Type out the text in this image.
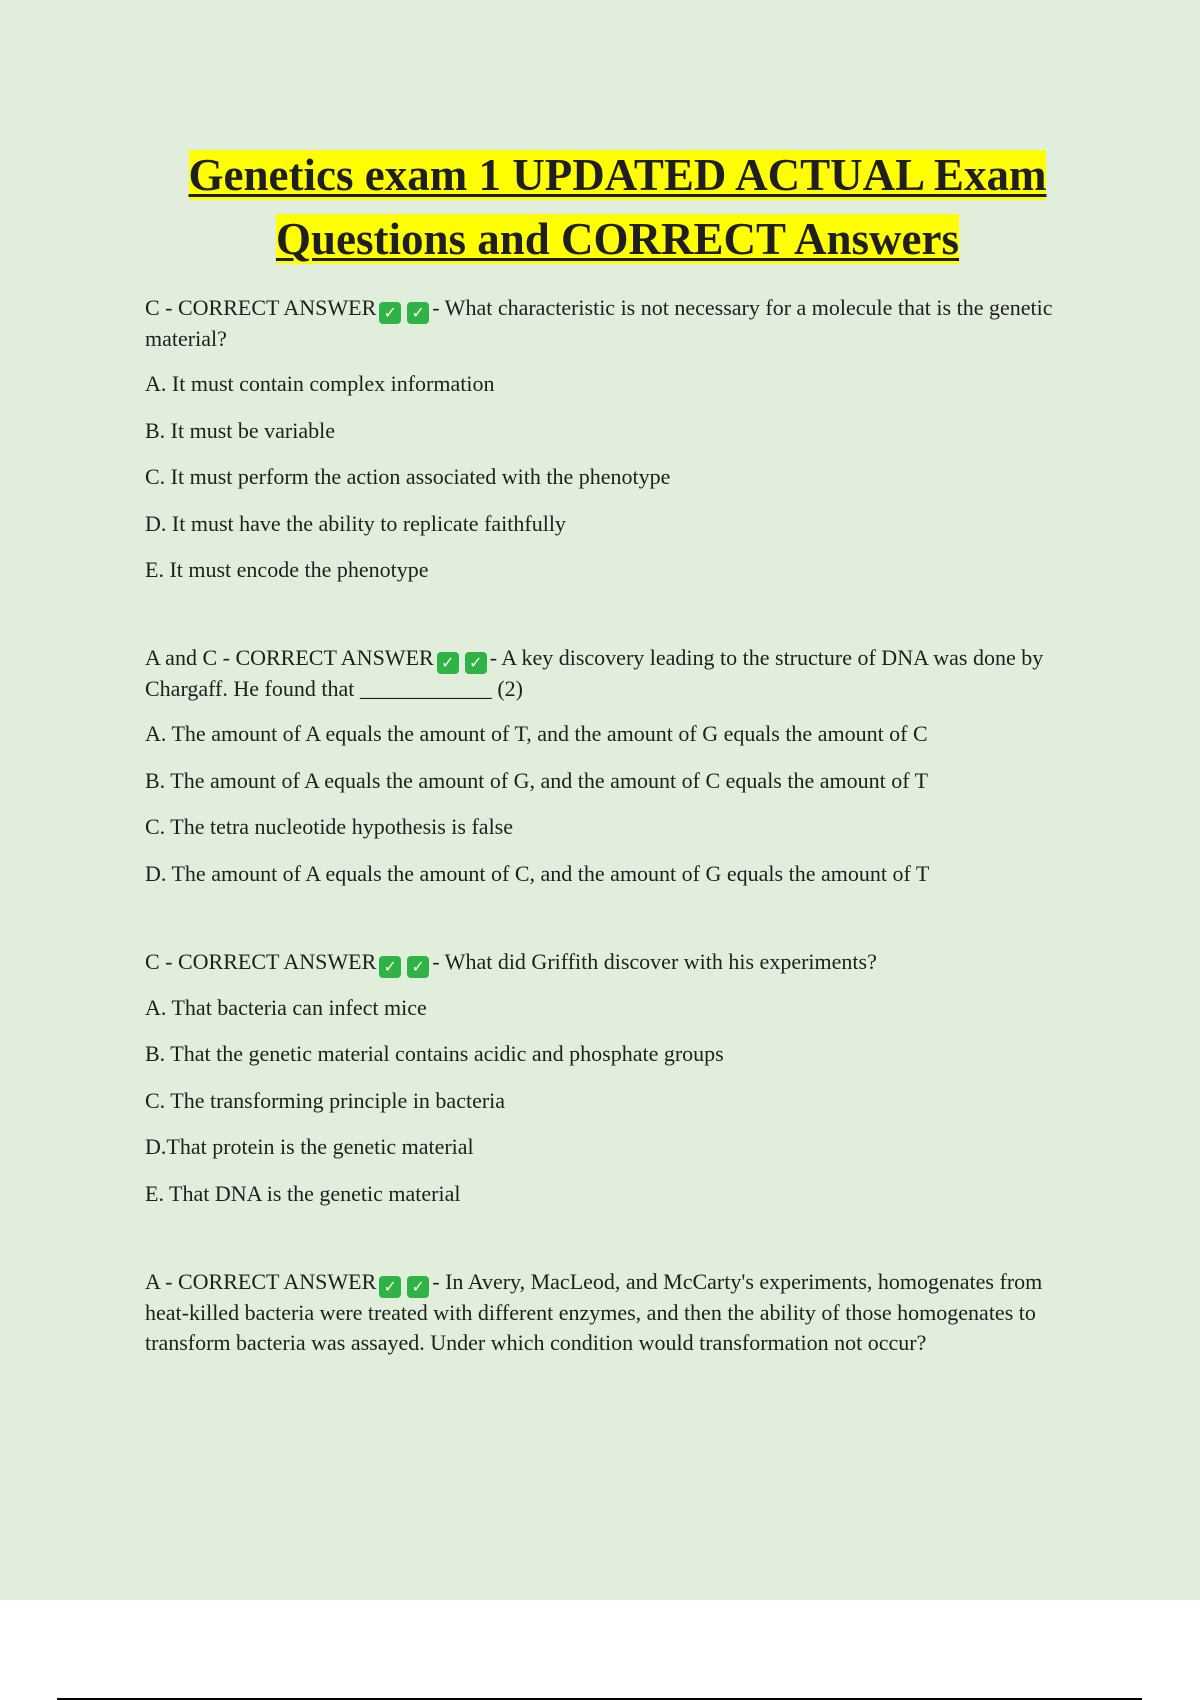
Genetics exam 1 UPDATED ACTUAL Exam
Questions and CORRECT Answers

C - CORRECT ANSWER ✓ ✓ - What characteristic is not necessary for a molecule that is the genetic material?

A. It must contain complex information

B. It must be variable

C. It must perform the action associated with the phenotype

D. It must have the ability to replicate faithfully

E. It must encode the phenotype

A and C - CORRECT ANSWER ✓ ✓ - A key discovery leading to the structure of DNA was done by Chargaff. He found that ____________ (2)

A. The amount of A equals the amount of T, and the amount of G equals the amount of C

B. The amount of A equals the amount of G, and the amount of C equals the amount of T

C. The tetra nucleotide hypothesis is false

D. The amount of A equals the amount of C, and the amount of G equals the amount of T

C - CORRECT ANSWER ✓ ✓ - What did Griffith discover with his experiments?

A. That bacteria can infect mice

B. That the genetic material contains acidic and phosphate groups

C. The transforming principle in bacteria

D.That protein is the genetic material

E. That DNA is the genetic material

A - CORRECT ANSWER ✓ ✓ - In Avery, MacLeod, and McCarty's experiments, homogenates from heat-killed bacteria were treated with different enzymes, and then the ability of those homogenates to transform bacteria was assayed. Under which condition would transformation not occur?
